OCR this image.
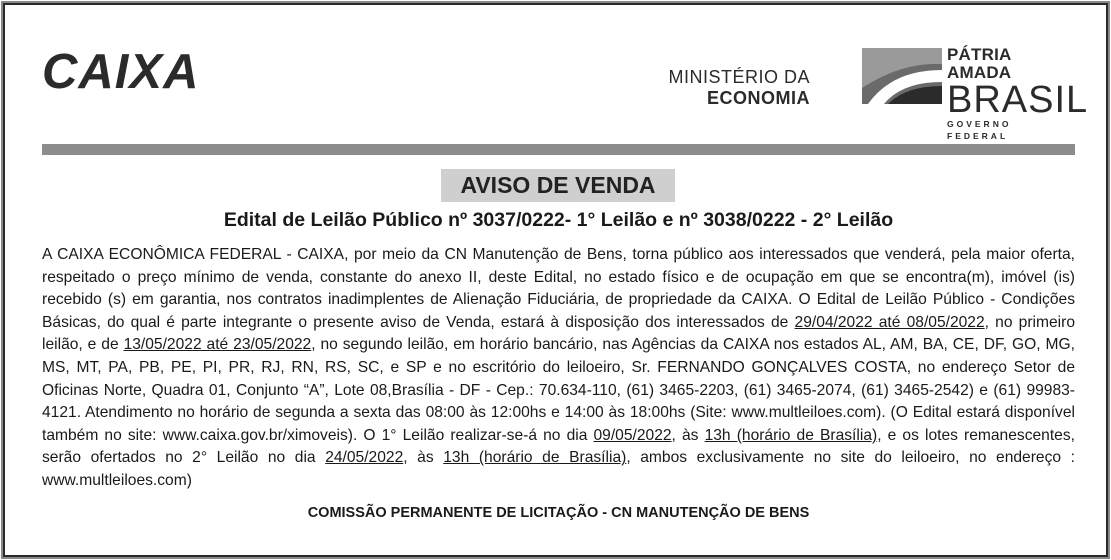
CAIXA	MINISTÉRIO DA
ECONOMIA
PÁTRIA AMADA
BRASIL
GOVERNO FEDERAL
AVISO DE VENDA
Edital de Leilão Público nº 3037/0222- 1° Leilão e nº 3038/0222 - 2° Leilão
A CAIXA ECONÔMICA FEDERAL - CAIXA, por meio da CN Manutenção de Bens, torna público aos interessados que venderá, pela maior oferta, respeitado o preço mínimo de venda, constante do anexo II, deste Edital, no estado físico e de ocupação em que se encontra(m), imóvel (is) recebido (s) em garantia, nos contratos inadimplentes de Alienação Fiduciária, de propriedade da CAIXA. O Edital de Leilão Público - Condições Básicas, do qual é parte integrante o presente aviso de Venda, estará à disposição dos interessados de 29/04/2022 até 08/05/2022, no primeiro leilão, e de 13/05/2022 até 23/05/2022, no segundo leilão, em horário bancário, nas Agências da CAIXA nos estados AL, AM, BA, CE, DF, GO, MG, MS, MT, PA, PB, PE, PI, PR, RJ, RN, RS, SC, e SP e no escritório do leiloeiro, Sr. FERNANDO GONÇALVES COSTA, no endereço Setor de Oficinas Norte, Quadra 01, Conjunto “A”, Lote 08,Brasília - DF - Cep.: 70.634-110, (61) 3465-2203, (61) 3465-2074, (61) 3465-2542) e (61) 99983-4121. Atendimento no horário de segunda a sexta das 08:00 às 12:00hs e 14:00 às 18:00hs (Site: www.multleiloes.com). (O Edital estará disponível também no site: www.caixa.gov.br/ximoveis). O 1° Leilão realizar-se-á no dia 09/05/2022, às 13h (horário de Brasília), e os lotes remanescentes, serão ofertados no 2° Leilão no dia 24/05/2022, às 13h (horário de Brasília), ambos exclusivamente no site do leiloeiro, no endereço : www.multleiloes.com)
COMISSÃO PERMANENTE DE LICITAÇÃO - CN MANUTENÇÃO DE BENS
